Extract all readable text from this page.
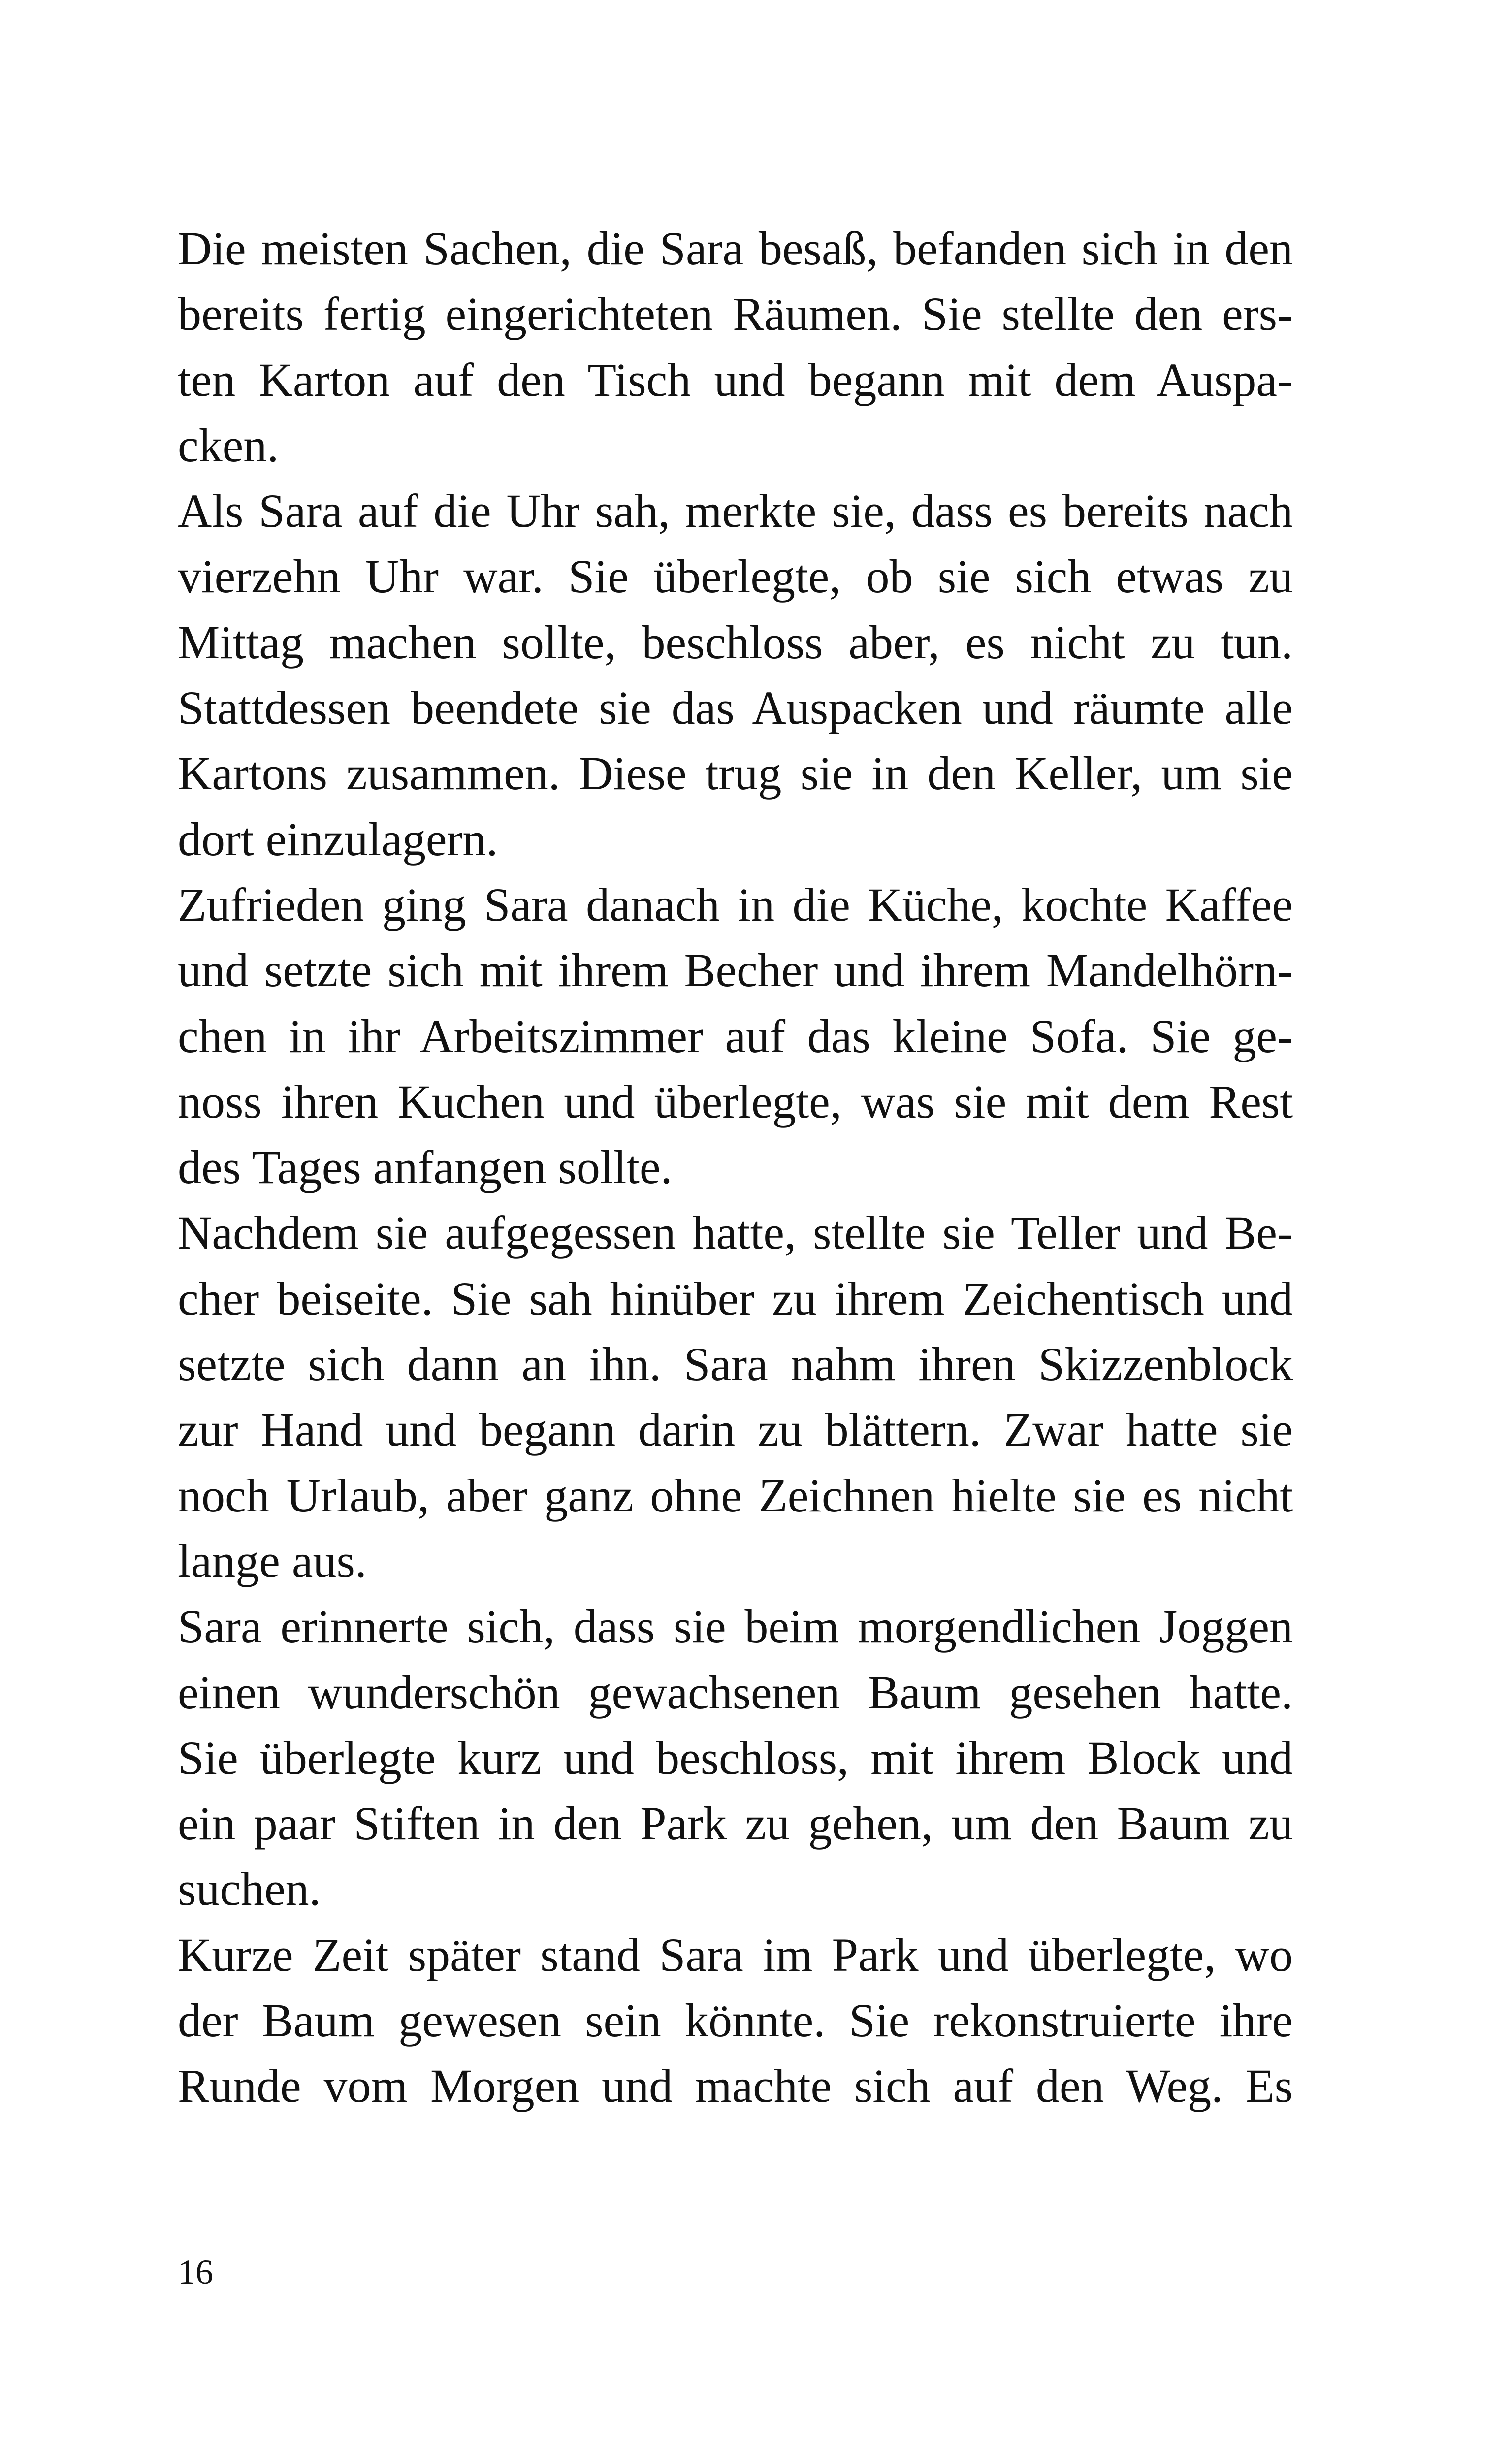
Die meisten Sachen, die Sara besaß, befanden sich in den
bereits fertig eingerichteten Räumen. Sie stellte den ers-
ten Karton auf den Tisch und begann mit dem Auspa-
cken.
Als Sara auf die Uhr sah, merkte sie, dass es bereits nach
vierzehn Uhr war. Sie überlegte, ob sie sich etwas zu
Mittag machen sollte, beschloss aber, es nicht zu tun.
Stattdessen beendete sie das Auspacken und räumte alle
Kartons zusammen. Diese trug sie in den Keller, um sie
dort einzulagern.
Zufrieden ging Sara danach in die Küche, kochte Kaffee
und setzte sich mit ihrem Becher und ihrem Mandelhörn-
chen in ihr Arbeitszimmer auf das kleine Sofa. Sie ge-
noss ihren Kuchen und überlegte, was sie mit dem Rest
des Tages anfangen sollte.
Nachdem sie aufgegessen hatte, stellte sie Teller und Be-
cher beiseite. Sie sah hinüber zu ihrem Zeichentisch und
setzte sich dann an ihn. Sara nahm ihren Skizzenblock
zur Hand und begann darin zu blättern. Zwar hatte sie
noch Urlaub, aber ganz ohne Zeichnen hielte sie es nicht
lange aus.
Sara erinnerte sich, dass sie beim morgendlichen Joggen
einen wunderschön gewachsenen Baum gesehen hatte.
Sie überlegte kurz und beschloss, mit ihrem Block und
ein paar Stiften in den Park zu gehen, um den Baum zu
suchen.
Kurze Zeit später stand Sara im Park und überlegte, wo
der Baum gewesen sein könnte. Sie rekonstruierte ihre
Runde vom Morgen und machte sich auf den Weg. Es
16
